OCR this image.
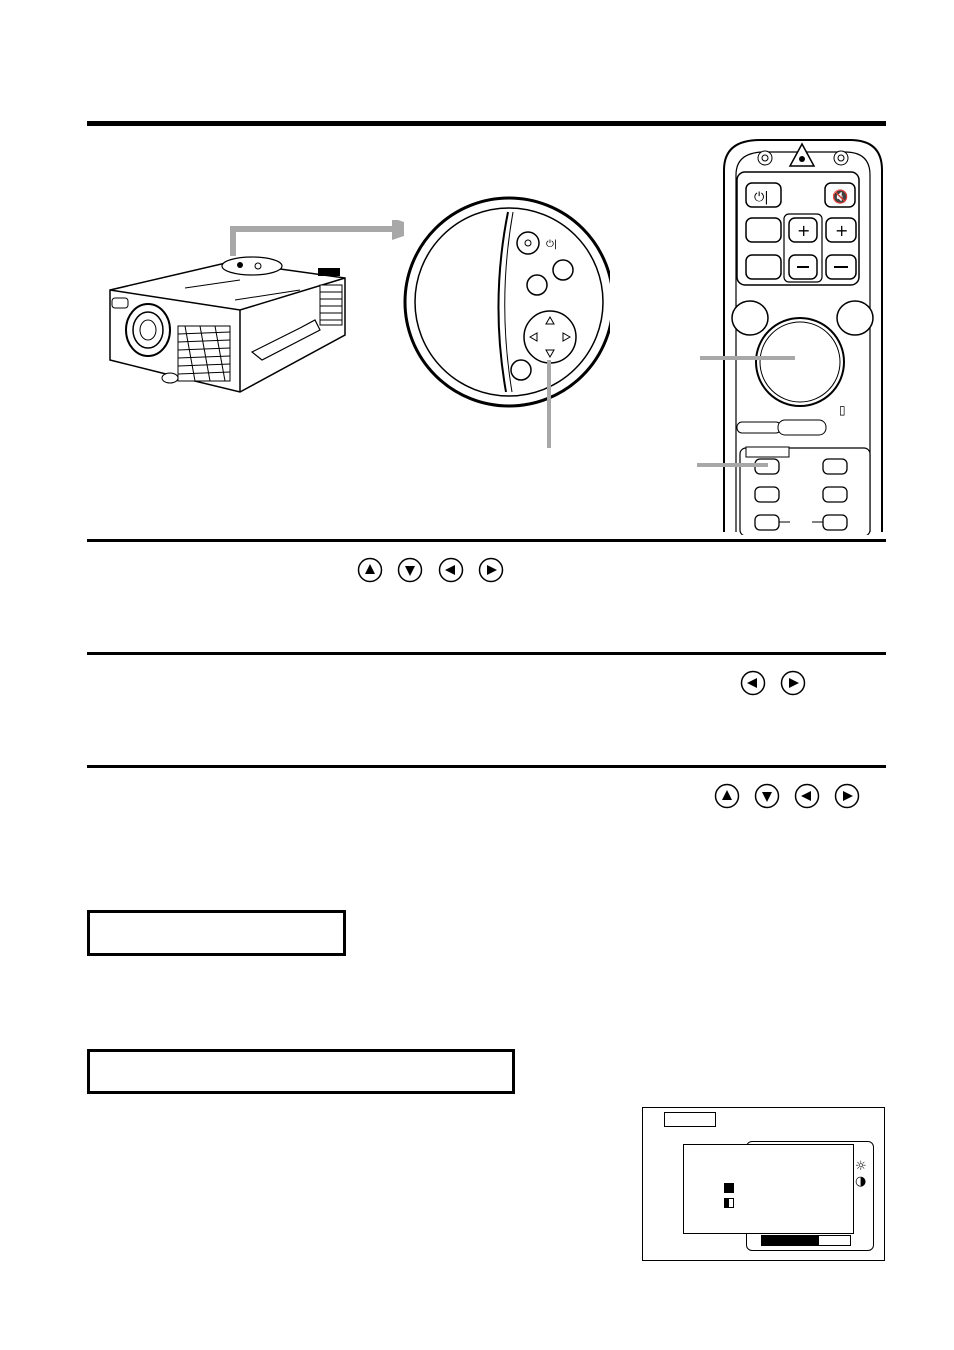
⏻|
⏻|	🔇
+ +
▯
☼
◑
